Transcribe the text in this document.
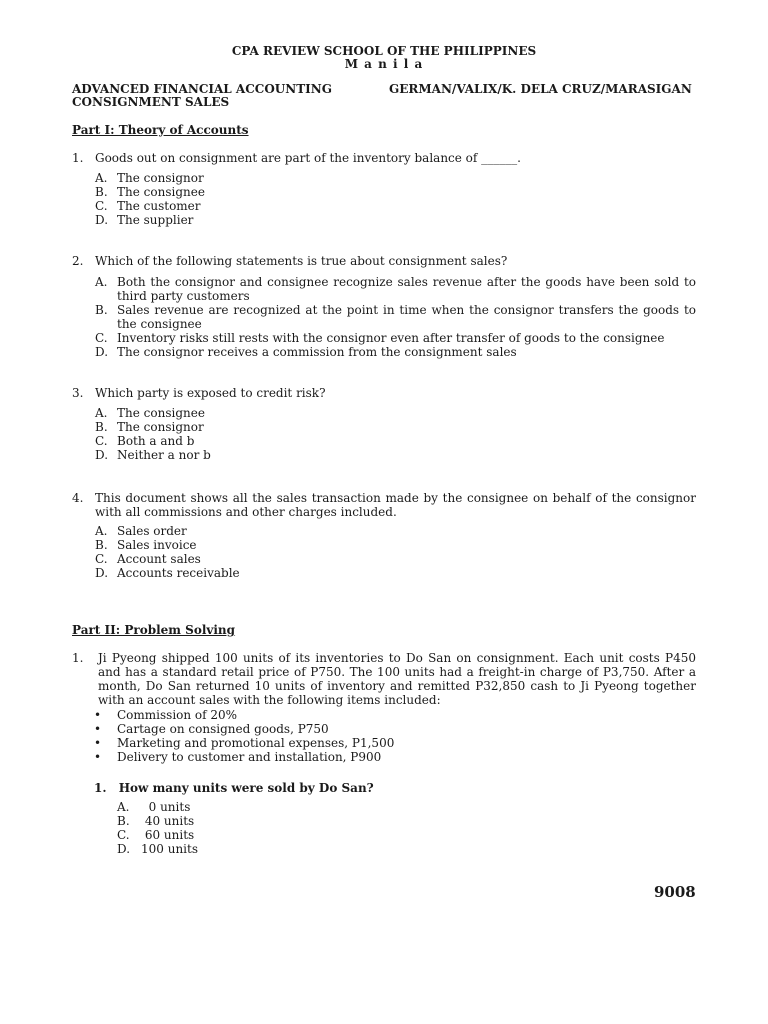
CPA REVIEW SCHOOL OF THE PHILIPPINES
M a n i l a
ADVANCED FINANCIAL ACCOUNTING	GERMAN/VALIX/K. DELA CRUZ/MARASIGAN
CONSIGNMENT SALES
Part I: Theory of Accounts
1. Goods out on consignment are part of the inventory balance of ______.
A. The consignor
B. The consignee
C. The customer
D. The supplier
2. Which of the following statements is true about consignment sales?
A. Both the consignor and consignee recognize sales revenue after the goods have been sold to third party customers
B. Sales revenue are recognized at the point in time when the consignor transfers the goods to the consignee
C. Inventory risks still rests with the consignor even after transfer of goods to the consignee
D. The consignor receives a commission from the consignment sales
3. Which party is exposed to credit risk?
A. The consignee
B. The consignor
C. Both a and b
D. Neither a nor b
4. This document shows all the sales transaction made by the consignee on behalf of the consignor with all commissions and other charges included.
A. Sales order
B. Sales invoice
C. Account sales
D. Accounts receivable
Part II: Problem Solving
1. Ji Pyeong shipped 100 units of its inventories to Do San on consignment. Each unit costs P450 and has a standard retail price of P750. The 100 units had a freight-in charge of P3,750. After a month, Do San returned 10 units of inventory and remitted P32,850 cash to Ji Pyeong together with an account sales with the following items included:
• Commission of 20%
• Cartage on consigned goods, P750
• Marketing and promotional expenses, P1,500
• Delivery to customer and installation, P900
1. How many units were sold by Do San?
A. 0 units
B. 40 units
C. 60 units
D. 100 units
9008
